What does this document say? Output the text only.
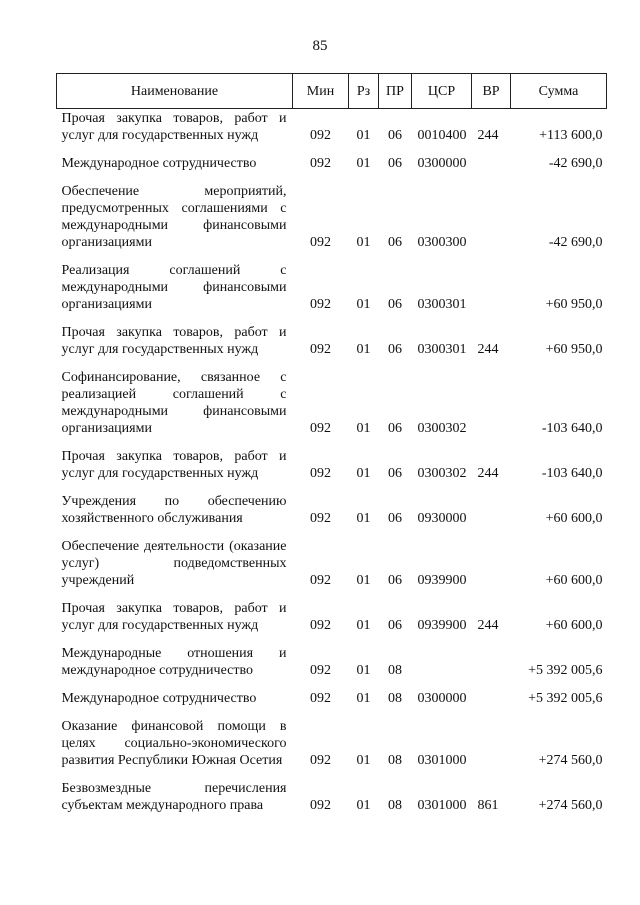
85
Наименование	Мин	Рз	ПР	ЦСР	ВР	Сумма
Прочая закупка товаров, работ и услуг для государственных нужд	092	01	06	0010400	244	+113 600,0
Международное сотрудничество	092	01	06	0300000		-42 690,0
Обеспечение мероприятий, предусмотренных соглашениями с международными финансовыми организациями	092	01	06	0300300		-42 690,0
Реализация соглашений с международными финансовыми организациями	092	01	06	0300301		+60 950,0
Прочая закупка товаров, работ и услуг для государственных нужд	092	01	06	0300301	244	+60 950,0
Софинансирование, связанное с реализацией соглашений с международными финансовыми организациями	092	01	06	0300302		-103 640,0
Прочая закупка товаров, работ и услуг для государственных нужд	092	01	06	0300302	244	-103 640,0
Учреждения по обеспечению хозяйственного обслуживания	092	01	06	0930000		+60 600,0
Обеспечение деятельности (оказание услуг) подведомственных учреждений	092	01	06	0939900		+60 600,0
Прочая закупка товаров, работ и услуг для государственных нужд	092	01	06	0939900	244	+60 600,0
Международные отношения и международное сотрудничество	092	01	08			+5 392 005,6
Международное сотрудничество	092	01	08	0300000		+5 392 005,6
Оказание финансовой помощи в целях социально-экономического развития Республики Южная Осетия	092	01	08	0301000		+274 560,0
Безвозмездные перечисления субъектам международного права	092	01	08	0301000	861	+274 560,0
